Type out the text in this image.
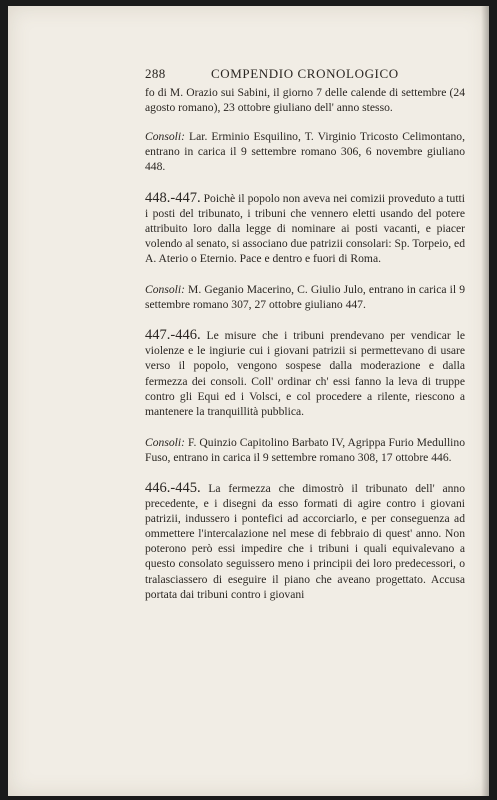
288	COMPENDIO CRONOLOGICO

fo di M. Orazio sui Sabini, il giorno 7 delle calende di settembre (24 agosto romano), 23 ottobre giuliano dell' anno stesso.

Consoli: Lar. Erminio Esquilino, T. Virginio Tricosto Celimontano, entrano in carica il 9 settembre romano 306, 6 novembre giuliano 448.

448.-447. Poichè il popolo non aveva nei comizii proveduto a tutti i posti del tribunato, i tribuni che vennero eletti usando del potere attribuito loro dalla legge di nominare ai posti vacanti, e piacer volendo al senato, si associano due patrizii consolari: Sp. Torpeio, ed A. Aterio o Eternio. Pace e dentro e fuori di Roma.

Consoli: M. Geganio Macerino, C. Giulio Julo, entrano in carica il 9 settembre romano 307, 27 ottobre giuliano 447.

447.-446. Le misure che i tribuni prendevano per vendicar le violenze e le ingiurie cui i giovani patrizii si permettevano di usare verso il popolo, vengono sospese dalla moderazione e dalla fermezza dei consoli. Coll' ordinar ch' essi fanno la leva di truppe contro gli Equi ed i Volsci, e col procedere a rilente, riescono a mantenere la tranquillità pubblica.

Consoli: F. Quinzio Capitolino Barbato IV, Agrippa Furio Medullino Fuso, entrano in carica il 9 settembre romano 308, 17 ottobre 446.

446.-445. La fermezza che dimostrò il tribunato dell' anno precedente, e i disegni da esso formati di agire contro i giovani patrizii, indussero i pontefici ad accorciarlo, e per conseguenza ad ommettere l'intercalazione nel mese di febbraio di quest' anno. Non poterono però essi impedire che i tribuni i quali equivalevano a questo consolato seguissero meno i principii dei loro predecessori, o tralasciassero di eseguire il piano che aveano progettato. Accusa portata dai tribuni contro i giovani
